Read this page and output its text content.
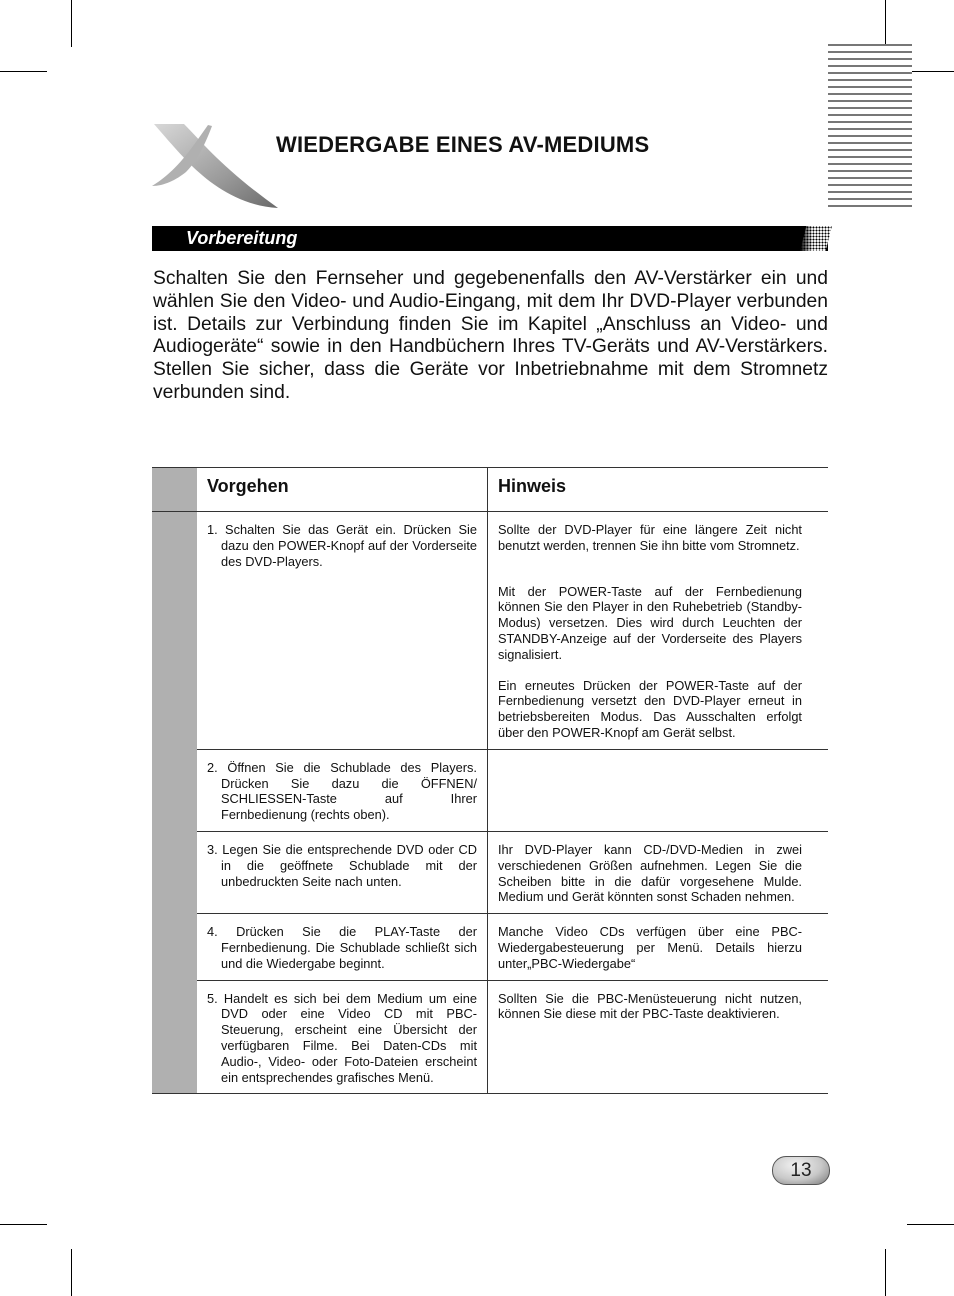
WIEDERGABE EINES AV-MEDIUMS
Vorbereitung
Schalten Sie den Fernseher und gegebenenfalls den AV-Verstärker ein und wählen Sie den Video- und Audio-Eingang, mit dem Ihr DVD-Player verbunden ist. Details zur Verbindung finden Sie im Kapitel „Anschluss an Video- und Audiogeräte“ sowie in den Handbüchern Ihres TV-Geräts und AV-Verstärkers. Stellen Sie sicher, dass die Geräte vor Inbetriebnahme mit dem Stromnetz verbunden sind.
	Vorgehen	Hinweis

	1. Schalten Sie das Gerät ein. Drücken Sie dazu den POWER-Knopf auf der Vorderseite des DVD-Players.	Sollte der DVD-Player für eine längere Zeit nicht benutzt werden, trennen Sie ihn bitte vom Stromnetz.

Mit der POWER-Taste auf der Fernbedienung können Sie den Player in den Ruhebetrieb (Standby-Modus) versetzen. Dies wird durch Leuchten der STANDBY-Anzeige auf der Vorderseite des Players signalisiert.

Ein erneutes Drücken der POWER-Taste auf der Fernbedienung versetzt den DVD-Player erneut in betriebsbereiten Modus. Das Ausschalten erfolgt über den POWER-Knopf am Gerät selbst.

	2. Öffnen Sie die Schublade des Players. Drücken Sie dazu die ÖFFNEN/ SCHLIESSEN-Taste auf Ihrer Fernbedienung (rechts oben).	

	3. Legen Sie die entsprechende DVD oder CD in die geöffnete Schublade mit der unbedruckten Seite nach unten.	Ihr DVD-Player kann CD-/DVD-Medien in zwei verschiedenen Größen aufnehmen. Legen Sie die Scheiben bitte in die dafür vorgesehene Mulde. Medium und Gerät könnten sonst Schaden nehmen.

	4. Drücken Sie die PLAY-Taste der Fernbedienung. Die Schublade schließt sich und die Wiedergabe beginnt.	Manche Video CDs verfügen über eine PBC-Wiedergabesteuerung per Menü. Details hierzu unter„PBC-Wiedergabe“

	5. Handelt es sich bei dem Medium um eine DVD oder eine Video CD mit PBC-Steuerung, erscheint eine Übersicht der verfügbaren Filme. Bei Daten-CDs mit Audio-, Video- oder Foto-Dateien erscheint ein entsprechendes grafisches Menü.	Sollten Sie die PBC-Menüsteuerung nicht nutzen, können Sie diese mit der PBC-Taste deaktivieren.

13
